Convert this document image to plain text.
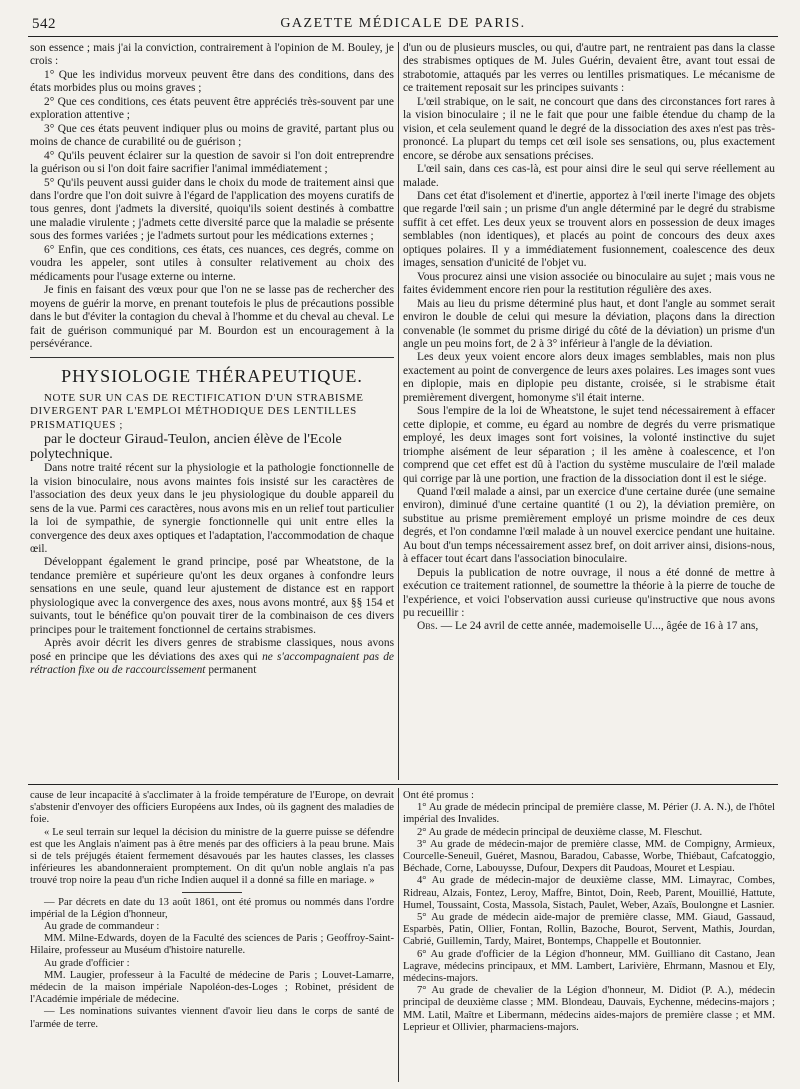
542	GAZETTE MÉDICALE DE PARIS.

son essence ; mais j'ai la conviction, contrairement à l'opinion de M. Bouley, je crois :

1° Que les individus morveux peuvent être dans des conditions, dans des états morbides plus ou moins graves ;

2° Que ces conditions, ces états peuvent être appréciés très-souvent par une exploration attentive ;

3° Que ces états peuvent indiquer plus ou moins de gravité, partant plus ou moins de chance de curabilité ou de guérison ;

4° Qu'ils peuvent éclairer sur la question de savoir si l'on doit entreprendre la guérison ou si l'on doit faire sacrifier l'animal immédiatement ;

5° Qu'ils peuvent aussi guider dans le choix du mode de traitement ainsi que dans l'ordre que l'on doit suivre à l'égard de l'application des moyens curatifs de tous genres, dont j'admets la diversité, quoiqu'ils soient destinés à combattre une maladie virulente ; j'admets cette diversité parce que la maladie se présente sous des formes variées ; je l'admets surtout pour les médications externes ;

6° Enfin, que ces conditions, ces états, ces nuances, ces degrés, comme on voudra les appeler, sont utiles à consulter relativement au choix des médicaments pour l'usage externe ou interne.

Je finis en faisant des vœux pour que l'on ne se lasse pas de rechercher des moyens de guérir la morve, en prenant toutefois le plus de précautions possible dans le but d'éviter la contagion du cheval à l'homme et du cheval au cheval. Le fait de guérison communiqué par M. Bourdon est un encouragement à la persévérance.

PHYSIOLOGIE THÉRAPEUTIQUE.

NOTE SUR UN CAS DE RECTIFICATION D'UN STRABISME DIVERGENT PAR L'EMPLOI MÉTHODIQUE DES LENTILLES PRISMATIQUES ;

par le docteur Giraud-Teulon, ancien élève de l'Ecole polytechnique.

Dans notre traité récent sur la physiologie et la pathologie fonctionnelle de la vision binoculaire, nous avons maintes fois insisté sur les caractères de l'association des deux yeux dans le jeu physiologique du double appareil du sens de la vue. Parmi ces caractères, nous avons mis en un relief tout particulier la loi de sympathie, de synergie fonctionnelle qui unit entre elles la convergence des deux axes optiques et l'adaptation, l'accommodation de chaque œil.

Développant également le grand principe, posé par Wheatstone, de la tendance première et supérieure qu'ont les deux organes à confondre leurs sensations en une seule, quand leur ajustement de distance est en rapport physiologique avec la convergence des axes, nous avons montré, aux §§ 154 et suivants, tout le bénéfice qu'on pouvait tirer de la combinaison de ces divers principes pour le traitement fonctionnel de certains strabismes.

Après avoir décrit les divers genres de strabisme classiques, nous avons posé en principe que les déviations des axes qui ne s'accompagnaient pas de rétraction fixe ou de raccourcissement permanent

d'un ou de plusieurs muscles, ou qui, d'autre part, ne rentraient pas dans la classe des strabismes optiques de M. Jules Guérin, devaient être, avant tout essai de strabotomie, attaqués par les verres ou lentilles prismatiques. Le mécanisme de ce traitement reposait sur les principes suivants :

L'œil strabique, on le sait, ne concourt que dans des circonstances fort rares à la vision binoculaire ; il ne le fait que pour une faible étendue du champ de la vision, et cela seulement quand le degré de la dissociation des axes n'est pas très-prononcé. La plupart du temps cet œil isole ses sensations, ou, plus exactement encore, se dérobe aux sensations précises.

L'œil sain, dans ces cas-là, est pour ainsi dire le seul qui serve réellement au malade.

Dans cet état d'isolement et d'inertie, apportez à l'œil inerte l'image des objets que regarde l'œil sain ; un prisme d'un angle déterminé par le degré du strabisme suffit à cet effet. Les deux yeux se trouvent alors en possession de deux images semblables (non identiques), et placés au point de concours des deux axes optiques polaires. Il y a immédiatement fusionnement, coalescence des deux images, sensation d'unicité de l'objet vu.

Vous procurez ainsi une vision associée ou binoculaire au sujet ; mais vous ne faites évidemment encore rien pour la restitution régulière des axes.

Mais au lieu du prisme déterminé plus haut, et dont l'angle au sommet serait environ le double de celui qui mesure la déviation, plaçons dans la direction convenable (le sommet du prisme dirigé du côté de la déviation) un prisme d'un angle un peu moins fort, de 2 à 3° inférieur à l'angle de la déviation.

Les deux yeux voient encore alors deux images semblables, mais non plus exactement au point de convergence de leurs axes polaires. Les images sont vues en diplopie, mais en diplopie peu distante, croisée, si le strabisme était premièrement divergent, homonyme s'il était interne.

Sous l'empire de la loi de Wheatstone, le sujet tend nécessairement à effacer cette diplopie, et comme, eu égard au nombre de degrés du verre prismatique employé, les deux images sont fort voisines, la volonté instinctive du sujet triomphe aisément de leur séparation ; il les amène à coalescence, et l'on comprend que cet effet est dû à l'action du système musculaire de l'œil malade qui corrige par là une portion, une fraction de la dissociation dont il est le siége.

Quand l'œil malade a ainsi, par un exercice d'une certaine durée (une semaine environ), diminué d'une certaine quantité (1 ou 2), la déviation première, on substitue au prisme premièrement employé un prisme moindre de ces deux degrés, et l'on condamne l'œil malade à un nouvel exercice pendant une huitaine. Au bout d'un temps nécessairement assez bref, on doit arriver ainsi, disions-nous, à effacer tout écart dans l'association binoculaire.

Depuis la publication de notre ouvrage, il nous a été donné de mettre à exécution ce traitement rationnel, de soumettre la théorie à la pierre de touche de l'expérience, et voici l'observation aussi curieuse qu'instructive que nous avons pu recueillir :

Obs. — Le 24 avril de cette année, mademoiselle U..., âgée de 16 à 17 ans,

cause de leur incapacité à s'acclimater à la froide température de l'Europe, on devrait s'abstenir d'envoyer des officiers Européens aux Indes, où ils gagnent des maladies de foie.

« Le seul terrain sur lequel la décision du ministre de la guerre puisse se défendre est que les Anglais n'aiment pas à être menés par des officiers à la peau brune. Mais si de tels préjugés étaient fermement désavoués par les hautes classes, les classes inférieures les abandonneraient promptement. On dit qu'un noble anglais n'a pas trouvé trop noire la peau d'un riche Indien auquel il a donné sa fille en mariage. »

— Par décrets en date du 13 août 1861, ont été promus ou nommés dans l'ordre impérial de la Légion d'honneur,

Au grade de commandeur :

MM. Milne-Edwards, doyen de la Faculté des sciences de Paris ; Geoffroy-Saint-Hilaire, professeur au Muséum d'histoire naturelle.

Au grade d'officier :

MM. Laugier, professeur à la Faculté de médecine de Paris ; Louvet-Lamarre, médecin de la maison impériale Napoléon-des-Loges ; Robinet, président de l'Académie impériale de médecine.

— Les nominations suivantes viennent d'avoir lieu dans le corps de santé de l'armée de terre.

Ont été promus :

1° Au grade de médecin principal de première classe, M. Périer (J. A. N.), de l'hôtel impérial des Invalides.

2° Au grade de médecin principal de deuxième classe, M. Fleschut.

3° Au grade de médecin-major de première classe, MM. de Compigny, Armieux, Courcelle-Seneuil, Guéret, Masnou, Baradou, Cabasse, Worbe, Thiébaut, Cafcatoggio, Béchade, Corne, Labouysse, Dufour, Dexpers dit Paudoas, Mouret et Lespiau.

4° Au grade de médecin-major de deuxième classe, MM. Limayrac, Combes, Ridreau, Alzais, Fontez, Leroy, Maffre, Bintot, Doin, Reeb, Parent, Mouillié, Hattute, Humel, Toussaint, Costa, Massola, Sistach, Paulet, Weber, Azaïs, Boulongne et Lasnier.

5° Au grade de médecin aide-major de première classe, MM. Giaud, Gassaud, Esparbès, Patin, Ollier, Fontan, Rollin, Bazoche, Bourot, Servent, Mathis, Jourdan, Cabrié, Guillemin, Tardy, Mairet, Bontemps, Chappelle et Boutonnier.

6° Au grade d'officier de la Légion d'honneur, MM. Guilliano dit Castano, Jean Lagrave, médecins principaux, et MM. Lambert, Larivière, Ehrmann, Masnou et Ely, médecins-majors.

7° Au grade de chevalier de la Légion d'honneur, M. Didiot (P. A.), médecin principal de deuxième classe ; MM. Blondeau, Dauvais, Eychenne, médecins-majors ; MM. Latil, Maître et Libermann, médecins aides-majors de première classe ; et MM. Leprieur et Ollivier, pharmaciens-majors.
